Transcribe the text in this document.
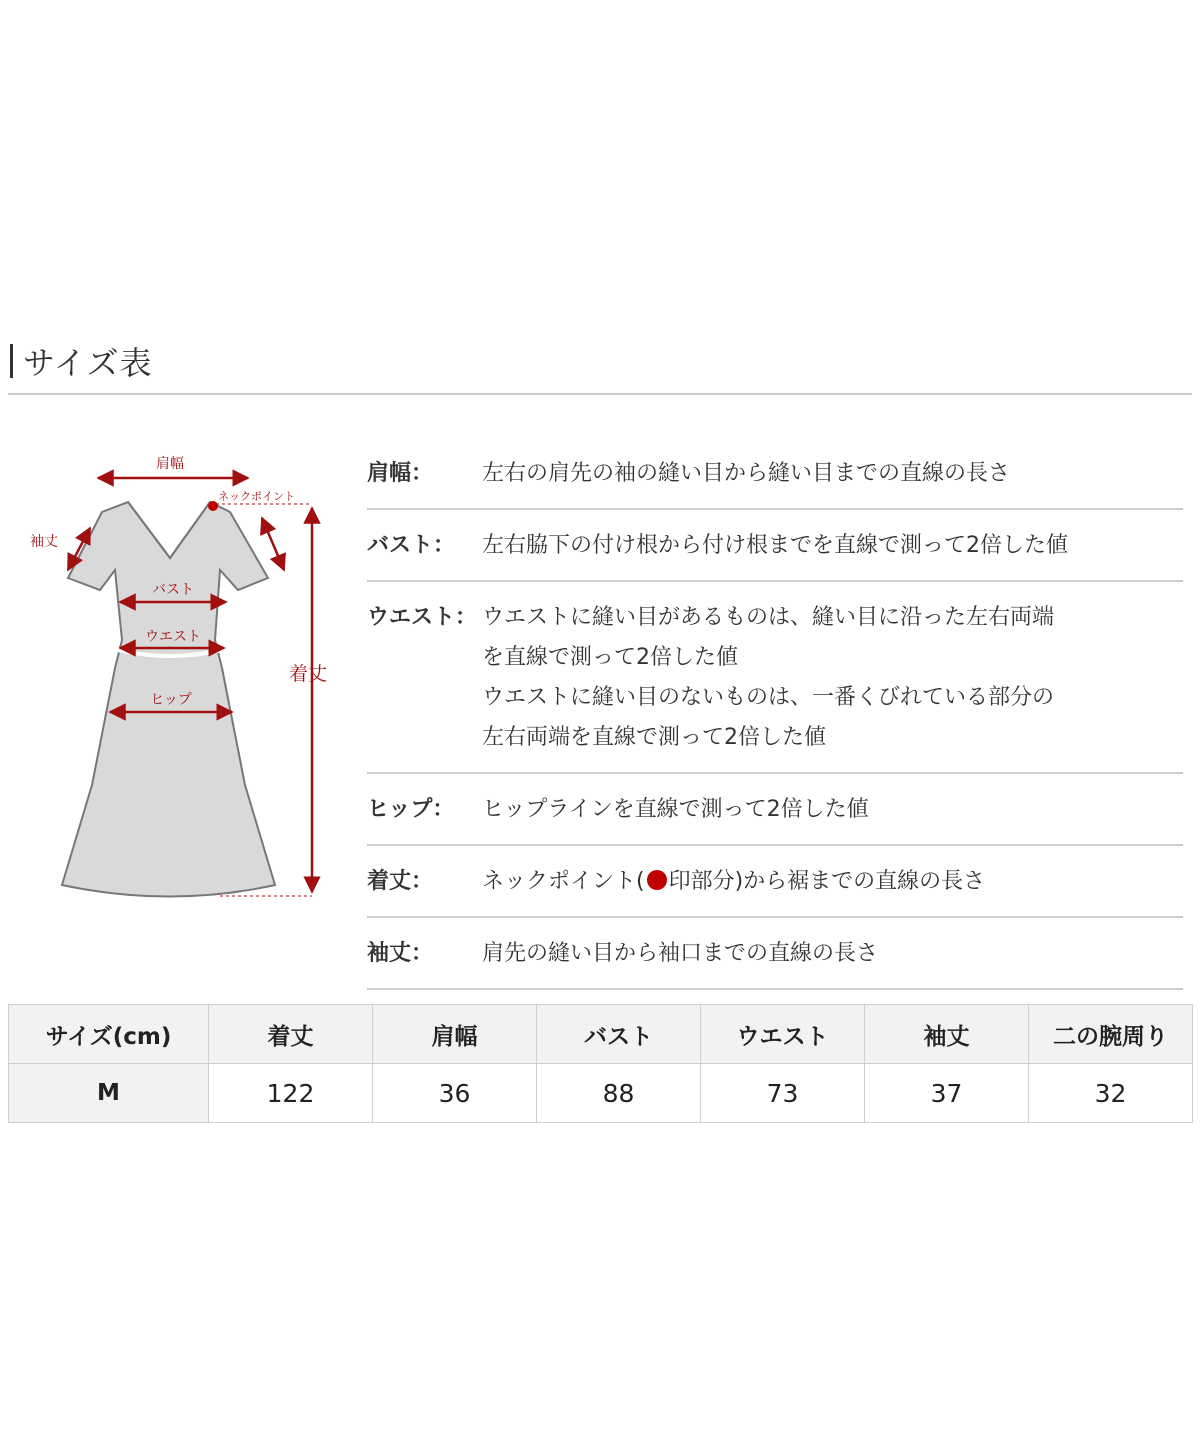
サイズ表
肩幅
ネックポイント
袖丈
バスト
ウエスト
ヒップ
着丈
肩幅：	左右の肩先の袖の縫い目から縫い目までの直線の長さ
バスト：	左右脇下の付け根から付け根までを直線で測って2倍した値
ウエスト： ウエストに縫い目があるものは、縫い目に沿った左右両端
を直線で測って2倍した値
ウエストに縫い目のないものは、一番くびれている部分の
左右両端を直線で測って2倍した値
ヒップ：	ヒップラインを直線で測って2倍した値
着丈：	ネックポイント( 印部分)から裾までの直線の長さ
袖丈：	肩先の縫い目から袖口までの直線の長さ
サイズ(cm)	着丈	肩幅	バスト	ウエスト	袖丈	二の腕周り
M	122	36	88	73	37	32
